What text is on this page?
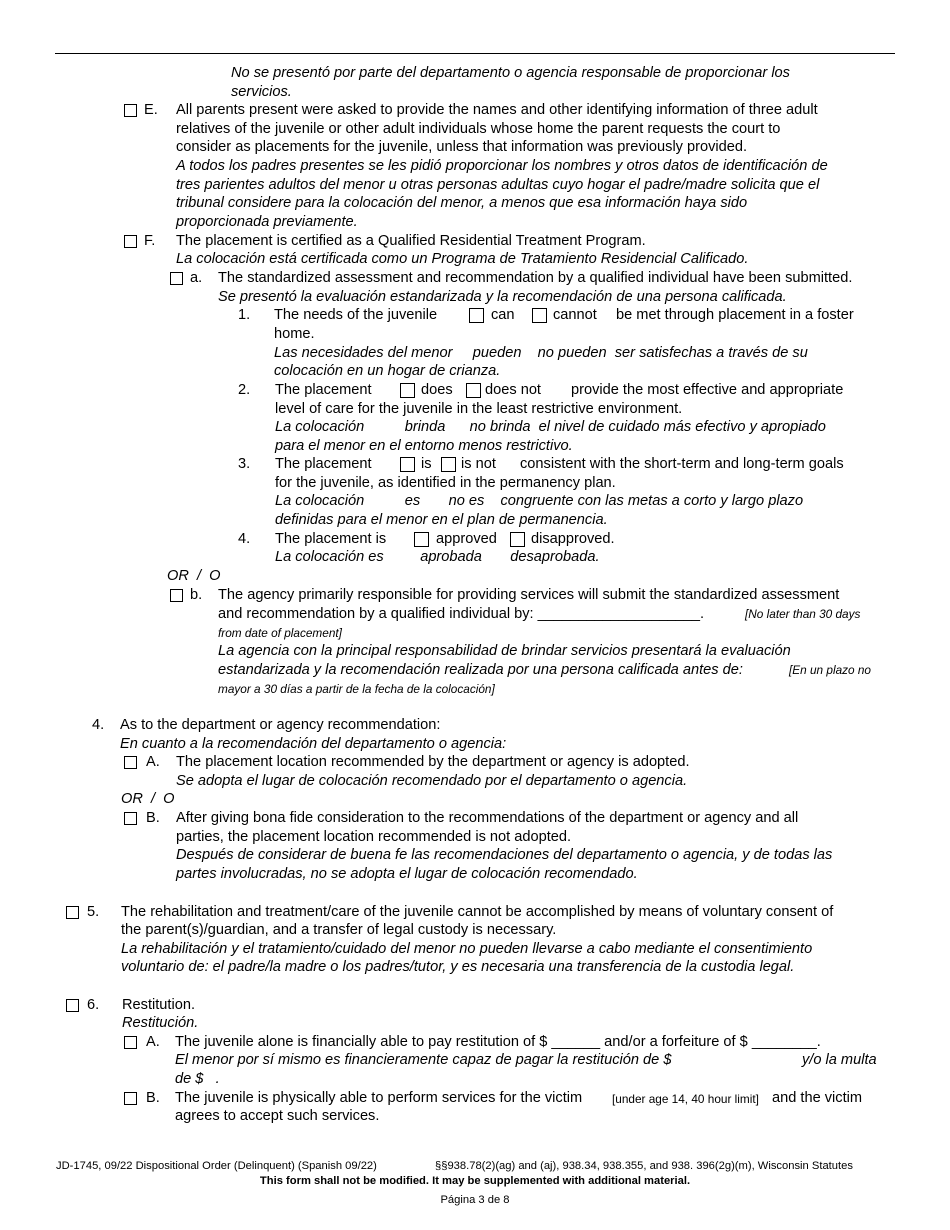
No se presentó por parte del departamento o agencia responsable de proporcionar los
servicios.
E. All parents present were asked to provide the names and other identifying information of three adult
relatives of the juvenile or other adult individuals whose home the parent requests the court to
consider as placements for the juvenile, unless that information was previously provided.
A todos los padres presentes se les pidió proporcionar los nombres y otros datos de identificación de
tres parientes adultos del menor u otras personas adultas cuyo hogar el padre/madre solicita que el
tribunal considere para la colocación del menor, a menos que esa información haya sido
proporcionada previamente.
F. The placement is certified as a Qualified Residential Treatment Program.
La colocación está certificada como un Programa de Tratamiento Residencial Calificado.
a. The standardized assessment and recommendation by a qualified individual have been submitted.
Se presentó la evaluación estandarizada y la recomendación de una persona calificada.
1. The needs of the juvenile	can	cannot be met through placement in a foster
home.
Las necesidades del menor     pueden    no pueden  ser satisfechas a través de su
colocación en un hogar de crianza.
2. The placement	does does not provide the most effective and appropriate
level of care for the juvenile in the least restrictive environment.
La colocación          brinda      no brinda  el nivel de cuidado más efectivo y apropiado
para el menor en el entorno menos restrictivo.
3. The placement	is is not consistent with the short-term and long-term goals
for the juvenile, as identified in the permanency plan.
La colocación          es       no es    congruente con las metas a corto y largo plazo
definidas para el menor en el plan de permanencia.
4. The placement is	approved disapproved.
La colocación es         aprobada       desaprobada.
OR  /  O
b. The agency primarily responsible for providing services will submit the standardized assessment
and recommendation by a qualified individual by: ____________________.	[No later than 30 days
from date of placement]
La agencia con la principal responsabilidad de brindar servicios presentará la evaluación
estandarizada y la recomendación realizada por una persona calificada antes de:	[En un plazo no
mayor a 30 días a partir de la fecha de la colocación]
4. As to the department or agency recommendation:
En cuanto a la recomendación del departamento o agencia:
A. The placement location recommended by the department or agency is adopted.
Se adopta el lugar de colocación recomendado por el departamento o agencia.
OR  /  O
B. After giving bona fide consideration to the recommendations of the department or agency and all
parties, the placement location recommended is not adopted.
Después de considerar de buena fe las recomendaciones del departamento o agencia, y de todas las
partes involucradas, no se adopta el lugar de colocación recomendado.
5. The rehabilitation and treatment/care of the juvenile cannot be accomplished by means of voluntary consent of
the parent(s)/guardian, and a transfer of legal custody is necessary.
La rehabilitación y el tratamiento/cuidado del menor no pueden llevarse a cabo mediante el consentimiento
voluntario de: el padre/la madre o los padres/tutor, y es necesaria una transferencia de la custodia legal.
6. Restitution.
Restitución.
A. The juvenile alone is financially able to pay restitution of $ ______ and/or a forfeiture of $ ________.
El menor por sí mismo es financieramente capaz de pagar la restitución de $	y/o la multa
de $   .
B. The juvenile is physically able to perform services for the victim	[under age 14, 40 hour limit] and the victim
agrees to accept such services.
JD-1745, 09/22 Dispositional Order (Delinquent) (Spanish 09/22)	§§938.78(2)(ag) and (aj), 938.34, 938.355, and 938. 396(2g)(m), Wisconsin Statutes
This form shall not be modified. It may be supplemented with additional material.
Página 3 de 8
